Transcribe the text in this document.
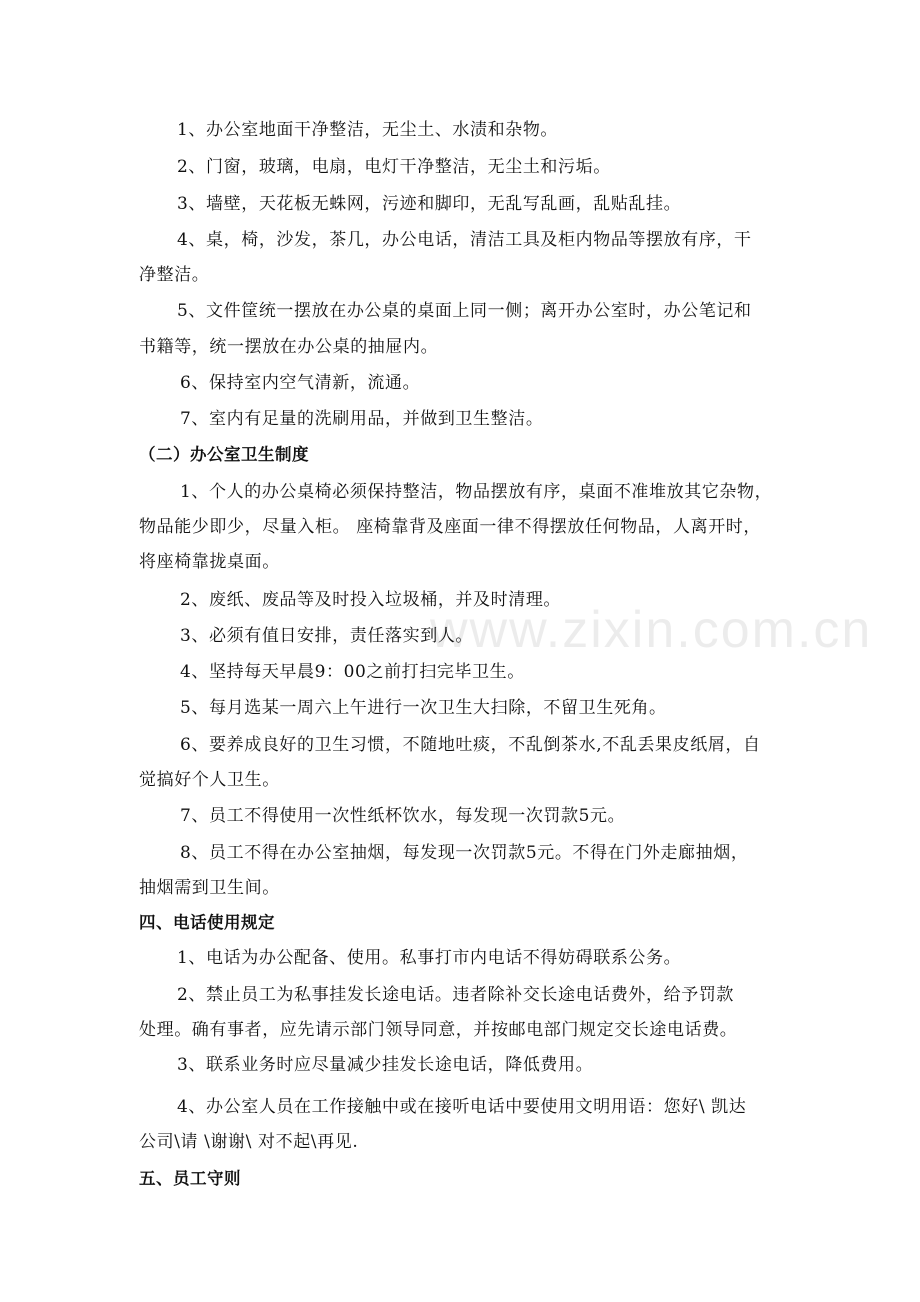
www.zixin.com.cn
1、办公室地面干净整洁，无尘土、水渍和杂物。
2、门窗，玻璃，电扇，电灯干净整洁，无尘土和污垢。
3、墙壁，天花板无蛛网，污迹和脚印，无乱写乱画，乱贴乱挂。
4、桌，椅，沙发，茶几，办公电话，清洁工具及柜内物品等摆放有序，干
净整洁。
5、文件筐统一摆放在办公桌的桌面上同一侧；离开办公室时，办公笔记和
书籍等，统一摆放在办公桌的抽屉内。
6、保持室内空气清新，流通。
7、室内有足量的洗刷用品，并做到卫生整洁。
（二）办公室卫生制度
1、个人的办公桌椅必须保持整洁，物品摆放有序，桌面不准堆放其它杂物，
物品能少即少，尽量入柜。 座椅靠背及座面一律不得摆放任何物品，人离开时，
将座椅靠拢桌面。
2、废纸、废品等及时投入垃圾桶，并及时清理。
3、必须有值日安排，责任落实到人。
4、坚持每天早晨9：00之前打扫完毕卫生。
5、每月选某一周六上午进行一次卫生大扫除，不留卫生死角。
6、要养成良好的卫生习惯，不随地吐痰，不乱倒茶水,不乱丢果皮纸屑，自
觉搞好个人卫生。
7、员工不得使用一次性纸杯饮水，每发现一次罚款5元。
8、员工不得在办公室抽烟，每发现一次罚款5元。不得在门外走廊抽烟，
抽烟需到卫生间。
四、电话使用规定
1、电话为办公配备、使用。私事打市内电话不得妨碍联系公务。
2、禁止员工为私事挂发长途电话。违者除补交长途电话费外，给予罚款
处理。确有事者，应先请示部门领导同意，并按邮电部门规定交长途电话费。
3、联系业务时应尽量减少挂发长途电话，降低费用。
4、办公室人员在工作接触中或在接听电话中要使用文明用语：您好\ 凯达
公司\请 \谢谢\ 对不起\再见.
五、员工守则
